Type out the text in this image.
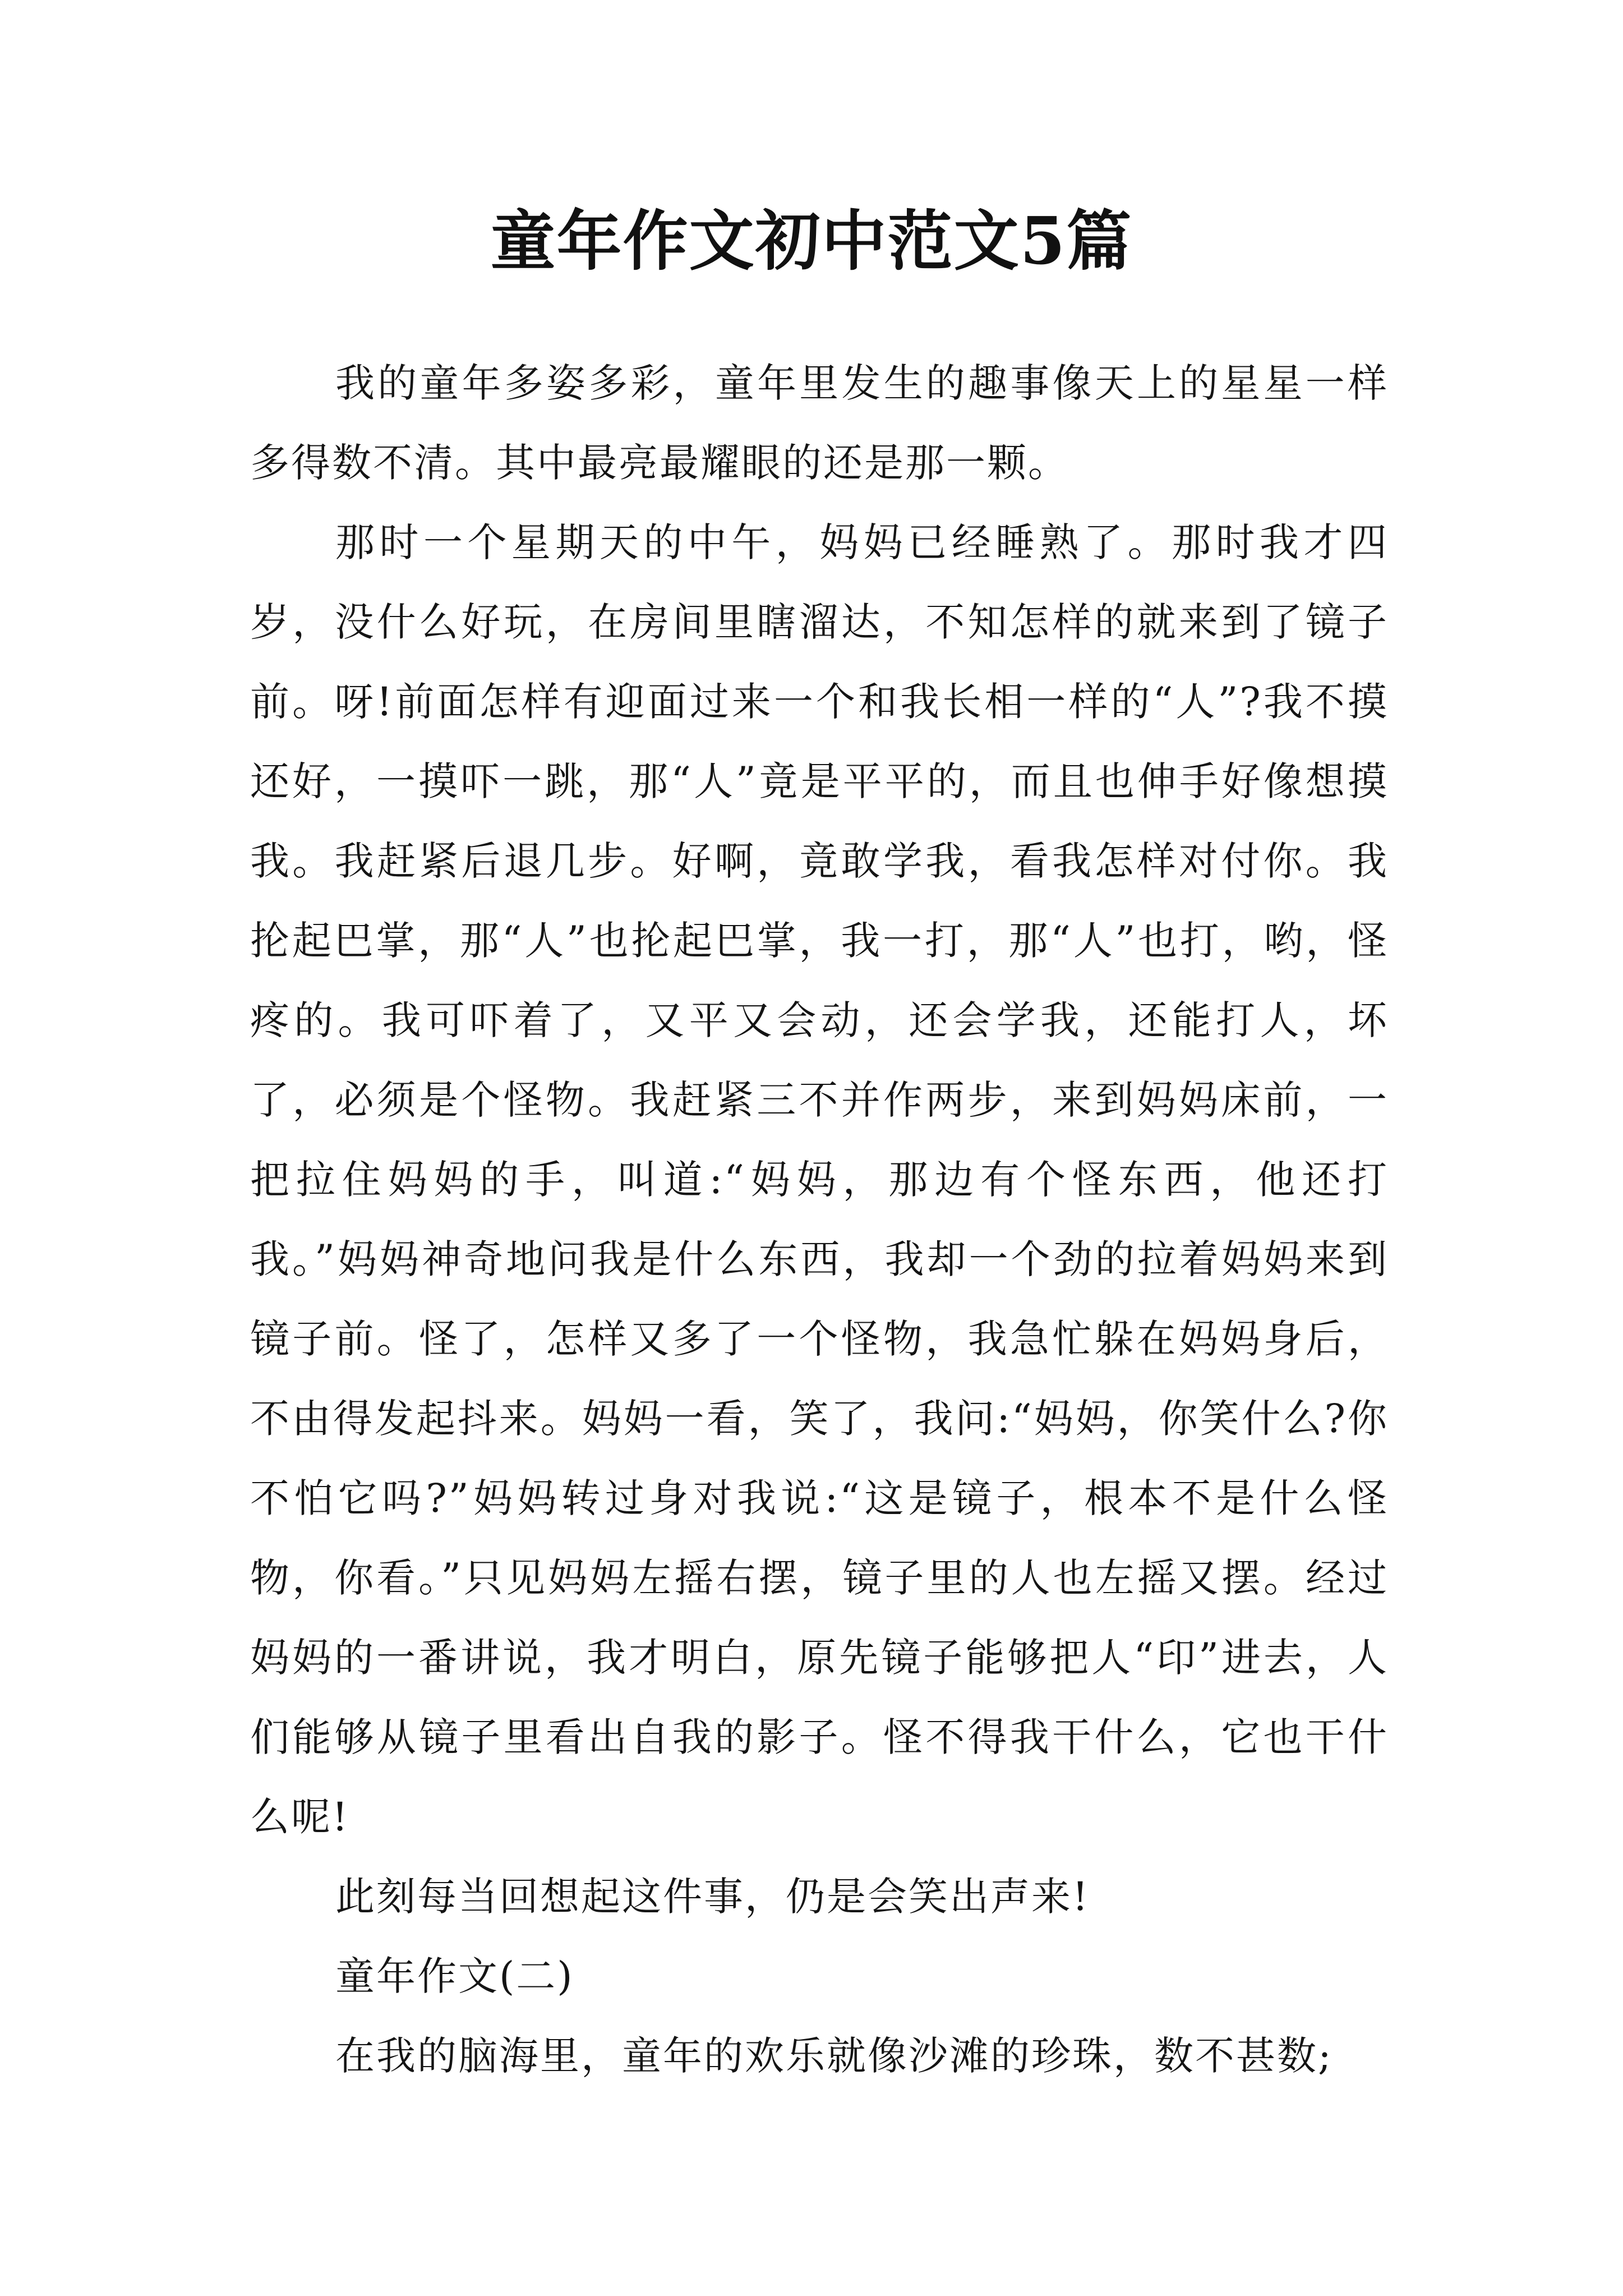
童年作文初中范文5篇

我的童年多姿多彩，童年里发生的趣事像天上的星星一样多得数不清。其中最亮最耀眼的还是那一颗。

那时一个星期天的中午，妈妈已经睡熟了。那时我才四岁，没什么好玩，在房间里瞎溜达，不知怎样的就来到了镜子前。呀!前面怎样有迎面过来一个和我长相一样的“人”?我不摸还好，一摸吓一跳，那“人”竟是平平的，而且也伸手好像想摸我。我赶紧后退几步。好啊，竟敢学我，看我怎样对付你。我抡起巴掌，那“人”也抡起巴掌，我一打，那“人”也打，哟，怪疼的。我可吓着了，又平又会动，还会学我，还能打人，坏了，必须是个怪物。我赶紧三不并作两步，来到妈妈床前，一把拉住妈妈的手，叫道:“妈妈，那边有个怪东西，他还打我。”妈妈神奇地问我是什么东西，我却一个劲的拉着妈妈来到镜子前。怪了，怎样又多了一个怪物，我急忙躲在妈妈身后，不由得发起抖来。妈妈一看，笑了，我问:“妈妈，你笑什么?你不怕它吗?”妈妈转过身对我说:“这是镜子，根本不是什么怪物，你看。”只见妈妈左摇右摆，镜子里的人也左摇又摆。经过妈妈的一番讲说，我才明白，原先镜子能够把人“印”进去，人们能够从镜子里看出自我的影子。怪不得我干什么，它也干什么呢!

此刻每当回想起这件事，仍是会笑出声来!

童年作文(二)

在我的脑海里，童年的欢乐就像沙滩的珍珠，数不甚数;
